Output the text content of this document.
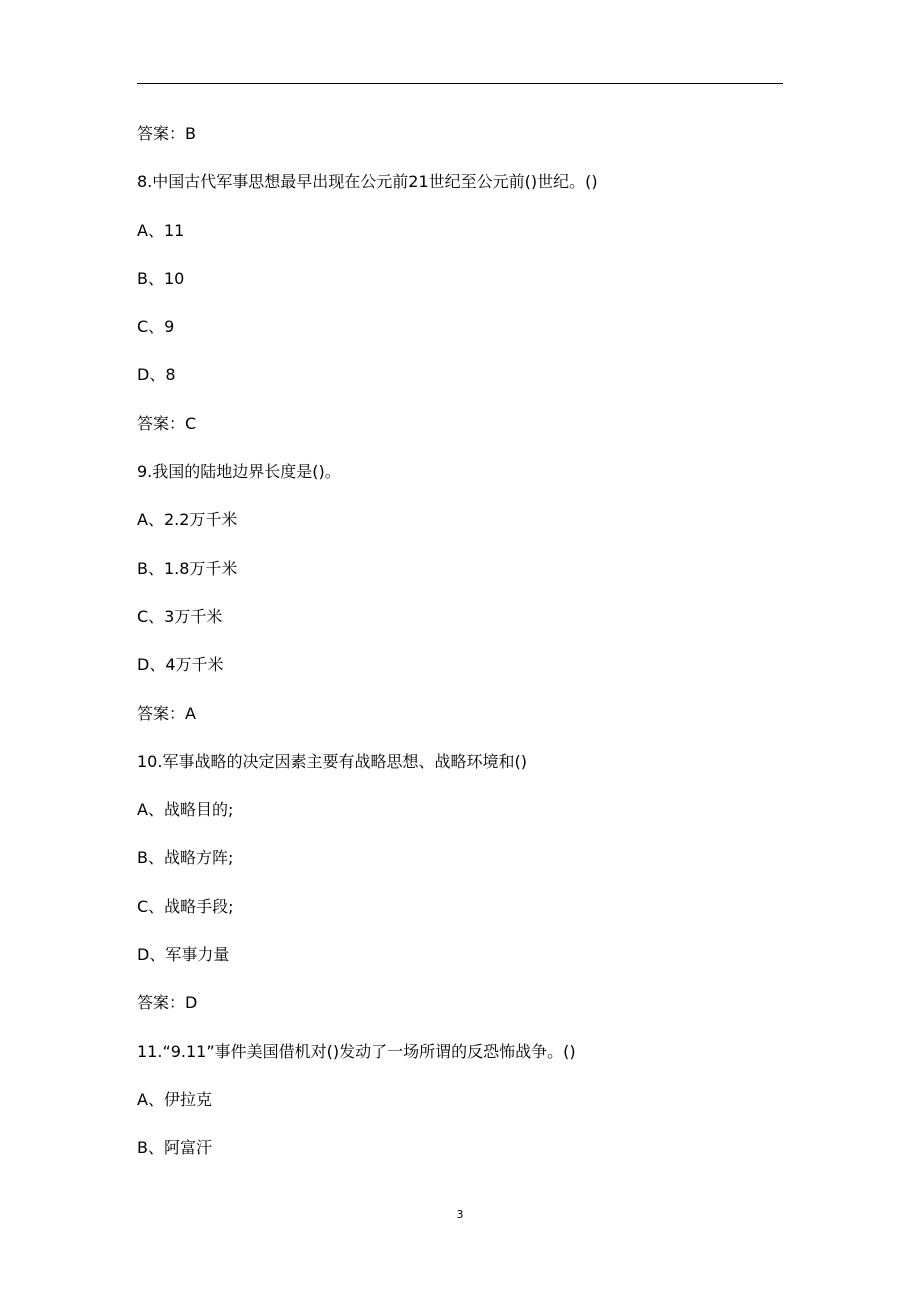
答案：B
8.中国古代军事思想最早出现在公元前21世纪至公元前()世纪。()
A、11
B、10
C、9
D、8
答案：C
9.我国的陆地边界长度是()。
A、2.2万千米
B、1.8万千米
C、3万千米
D、4万千米
答案：A
10.军事战略的决定因素主要有战略思想、战略环境和()
A、战略目的;
B、战略方阵;
C、战略手段;
D、军事力量
答案：D
11.“9.11”事件美国借机对()发动了一场所谓的反恐怖战争。()
A、伊拉克
B、阿富汗
3
